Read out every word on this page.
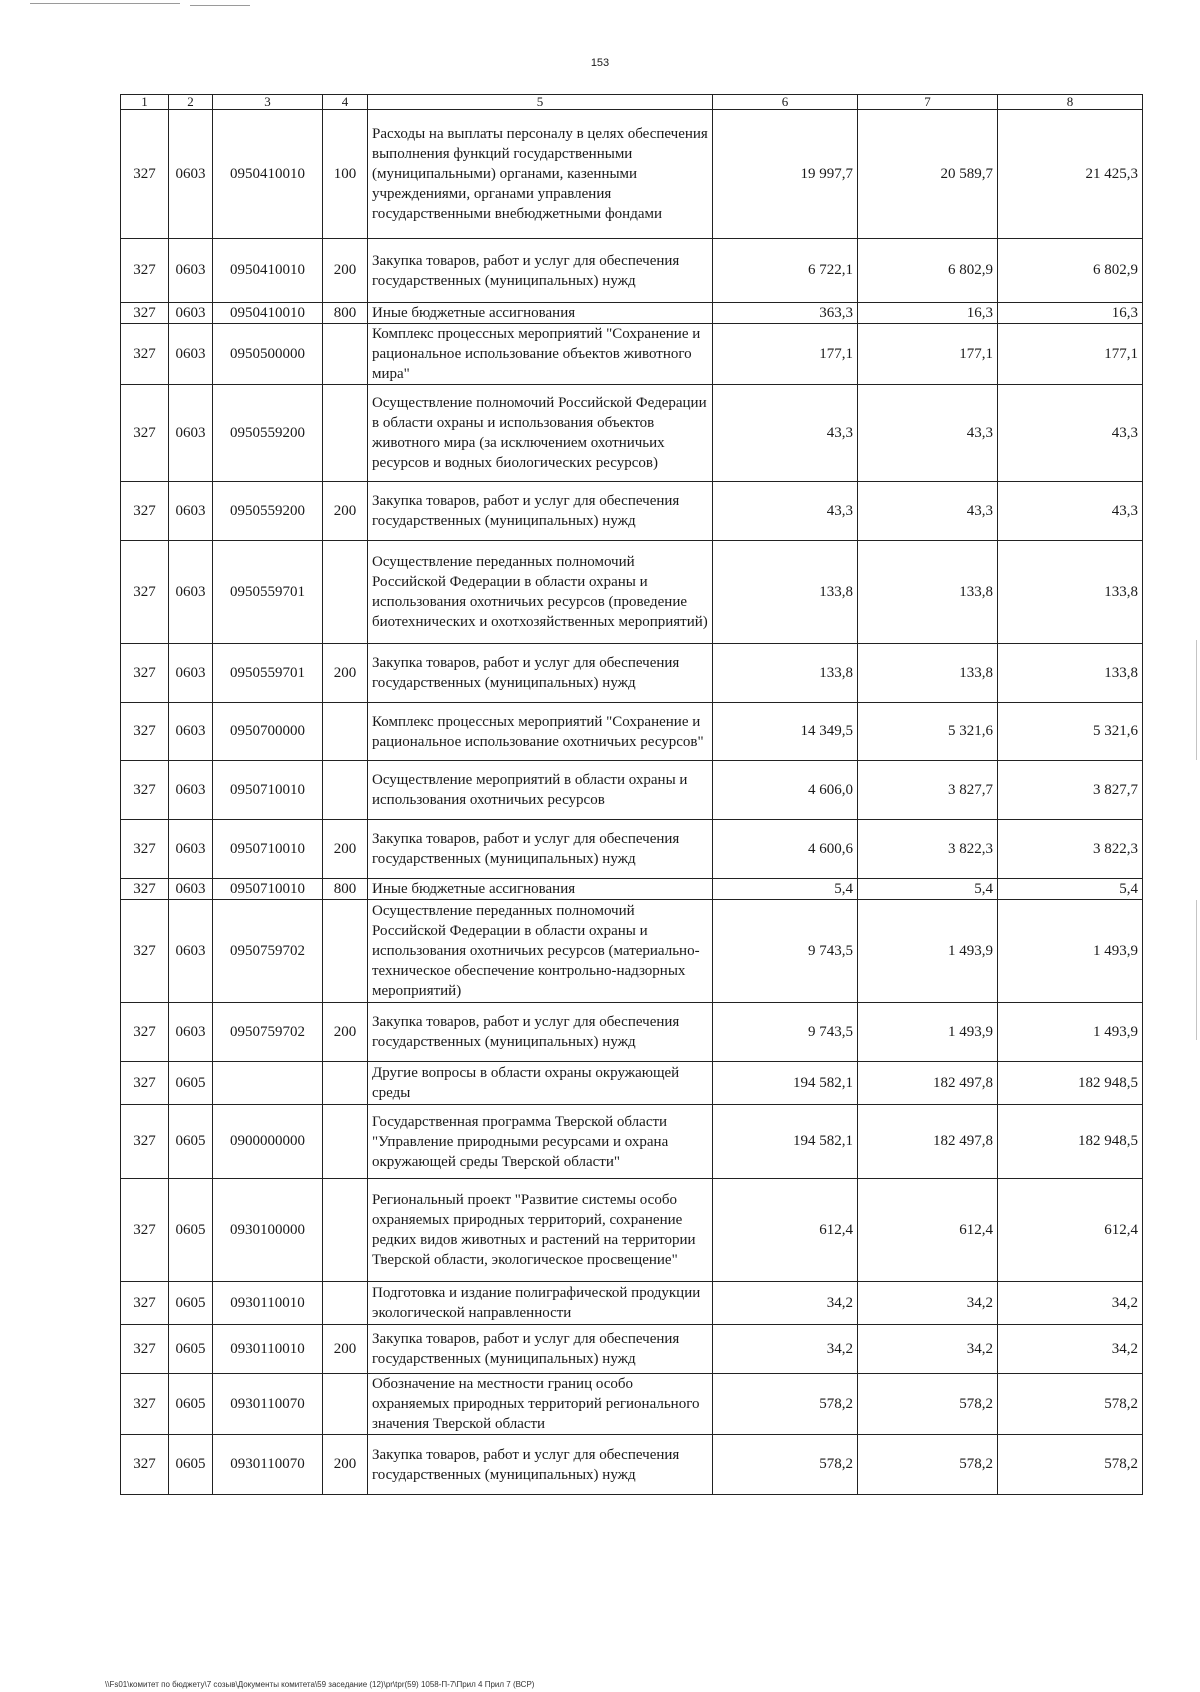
153
1	2	3	4	5	6	7	8
327	0603	0950410010	100	Расходы на выплаты персоналу в целях обеспечения выполнения функций государственными (муниципальными) органами, казенными учреждениями, органами управления государственными внебюджетными фондами	19 997,7	20 589,7	21 425,3
327	0603	0950410010	200	Закупка товаров, работ и услуг для обеспечения государственных (муниципальных) нужд	6 722,1	6 802,9	6 802,9
327	0603	0950410010	800	Иные бюджетные ассигнования	363,3	16,3	16,3
327	0603	0950500000		Комплекс процессных мероприятий "Сохранение и рациональное использование объектов животного мира"	177,1	177,1	177,1
327	0603	0950559200		Осуществление полномочий Российской Федерации в области охраны и использования объектов животного мира (за исключением охотничьих ресурсов и водных биологических ресурсов)	43,3	43,3	43,3
327	0603	0950559200	200	Закупка товаров, работ и услуг для обеспечения государственных (муниципальных) нужд	43,3	43,3	43,3
327	0603	0950559701		Осуществление переданных полномочий Российской Федерации в области охраны и использования охотничьих ресурсов (проведение биотехнических и охотхозяйственных мероприятий)	133,8	133,8	133,8
327	0603	0950559701	200	Закупка товаров, работ и услуг для обеспечения государственных (муниципальных) нужд	133,8	133,8	133,8
327	0603	0950700000		Комплекс процессных мероприятий "Сохранение и рациональное использование охотничьих ресурсов"	14 349,5	5 321,6	5 321,6
327	0603	0950710010		Осуществление мероприятий в области охраны и использования охотничьих ресурсов	4 606,0	3 827,7	3 827,7
327	0603	0950710010	200	Закупка товаров, работ и услуг для обеспечения государственных (муниципальных) нужд	4 600,6	3 822,3	3 822,3
327	0603	0950710010	800	Иные бюджетные ассигнования	5,4	5,4	5,4
327	0603	0950759702		Осуществление переданных полномочий Российской Федерации в области охраны и использования охотничьих ресурсов (материально-техническое обеспечение контрольно-надзорных мероприятий)	9 743,5	1 493,9	1 493,9
327	0603	0950759702	200	Закупка товаров, работ и услуг для обеспечения государственных (муниципальных) нужд	9 743,5	1 493,9	1 493,9
327	0605			Другие вопросы в области охраны окружающей среды	194 582,1	182 497,8	182 948,5
327	0605	0900000000		Государственная программа Тверской области "Управление природными ресурсами и охрана окружающей среды Тверской области"	194 582,1	182 497,8	182 948,5
327	0605	0930100000		Региональный проект "Развитие системы особо охраняемых природных территорий, сохранение редких видов животных и растений на территории Тверской области, экологическое просвещение"	612,4	612,4	612,4
327	0605	0930110010		Подготовка и издание полиграфической продукции экологической направленности	34,2	34,2	34,2
327	0605	0930110010	200	Закупка товаров, работ и услуг для обеспечения государственных (муниципальных) нужд	34,2	34,2	34,2
327	0605	0930110070		Обозначение на местности границ особо охраняемых природных территорий регионального значения Тверской области	578,2	578,2	578,2
327	0605	0930110070	200	Закупка товаров, работ и услуг для обеспечения государственных (муниципальных) нужд	578,2	578,2	578,2
\\Fs01\комитет по бюджету\7 созыв\Документы комитета\59 заседание (12)\pr\tpr(59) 1058-П-7\Прил 4 Прил 7 (ВСР)
